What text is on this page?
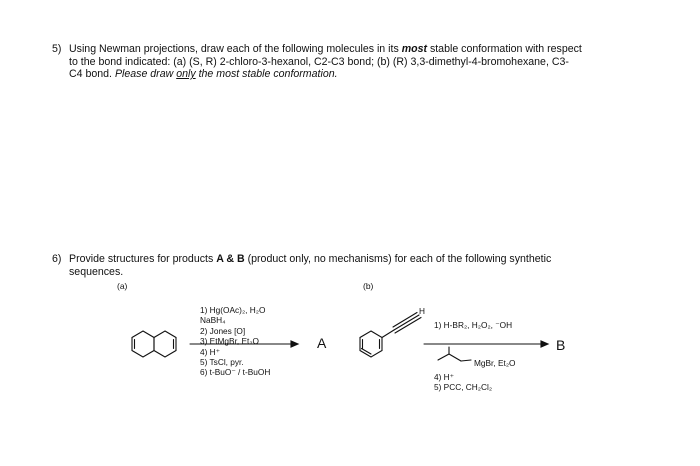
5) Using Newman projections, draw each of the following molecules in its most stable conformation with respect
to the bond indicated: (a) (S, R) 2-chloro-3-hexanol, C2-C3 bond; (b) (R) 3,3-dimethyl-4-bromohexane, C3-
C4 bond. Please draw only the most stable conformation.
6) Provide structures for products A & B (product only, no mechanisms) for each of the following synthetic
sequences.
(a)	(b)
1) Hg(OAc)₂, H₂O
NaBH₄
2) Jones [O]
3) EtMgBr, Et₂O
4) H⁺
5) TsCl, pyr.
6) t-BuO⁻ / t-BuOH
A
H
1) H-BR₂, H₂O₂, ⁻OH
MgBr, Et₂O
4) H⁺
5) PCC, CH₂Cl₂
B
